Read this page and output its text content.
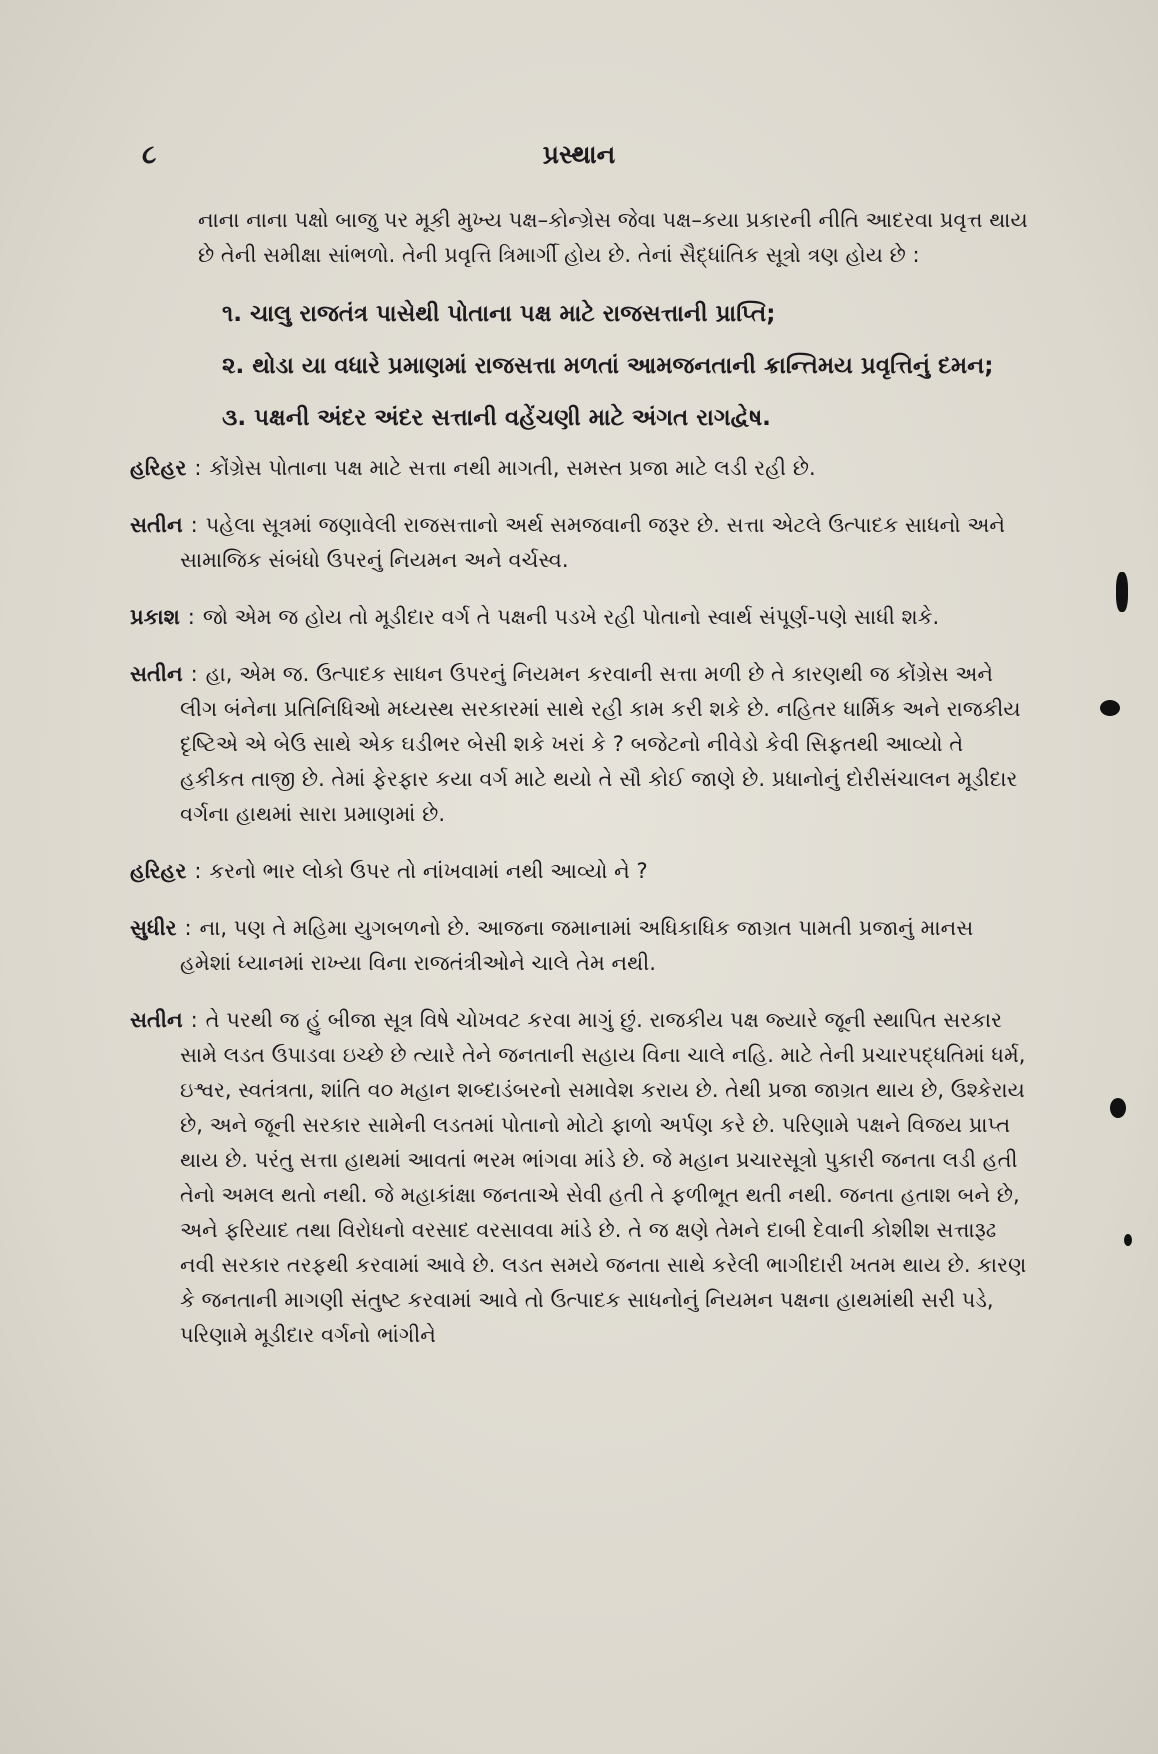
૮	પ્રસ્થાન

નાના નાના પક્ષો બાજુ પર મૂકી મુખ્ય પક્ષ–કોન્ગ્રેસ જેવા પક્ષ–કયા પ્રકારની નીતિ આદરવા પ્રવૃત્ત થાય છે તેની સમીક્ષા સાંભળો. તેની પ્રવૃત્તિ ત્રિમાર્ગી હોય છે. તેનાં સૈદ્ધાંતિક સૂત્રો ત્રણ હોય છે :

૧. ચાલુ રાજતંત્ર પાસેથી પોતાના પક્ષ માટે રાજસત્તાની પ્રાપ્તિ;

૨. થોડા યા વધારે પ્રમાણમાં રાજસત્તા મળતાં આમજનતાની ક્રાન્તિમય પ્રવૃત્તિનું દમન;

૩. પક્ષની અંદર અંદર સત્તાની વહેંચણી માટે અંગત રાગદ્વેષ.

હરિહર : કોંગ્રેસ પોતાના પક્ષ માટે સત્તા નથી માગતી, સમસ્ત પ્રજા માટે લડી રહી છે.

સતીન : પહેલા સૂત્રમાં જણાવેલી રાજસત્તાનો અર્થ સમજવાની જરૂર છે. સત્તા એટલે ઉત્પાદક સાધનો અને સામાજિક સંબંધો ઉપરનું નિયમન અને વર્ચસ્વ.

પ્રકાશ : જો એમ જ હોય તો મૂડીદાર વર્ગ તે પક્ષની પડખે રહી પોતાનો સ્વાર્થ સંપૂર્ણ-પણે સાધી શકે.

સતીન : હા, એમ જ. ઉત્પાદક સાધન ઉપરનું નિયમન કરવાની સત્તા મળી છે તે કારણથી જ કોંગ્રેસ અને લીગ બંનેના પ્રતિનિધિઓ મધ્યસ્થ સરકારમાં સાથે રહી કામ કરી શકે છે. નહિતર ધાર્મિક અને રાજકીય દૃષ્ટિએ એ બેઉ સાથે એક ઘડીભર બેસી શકે ખરાં કે ? બજેટનો નીવેડો કેવી સિફતથી આવ્યો તે હકીકત તાજી છે. તેમાં ફેરફાર કયા વર્ગ માટે થયો તે સૌ કોઈ જાણે છે. પ્રધાનોનું દોરીસંચાલન મૂડીદાર વર્ગના હાથમાં સારા પ્રમાણમાં છે.

હરિહર : કરનો ભાર લોકો ઉપર તો નાંખવામાં નથી આવ્યો ને ?

સુધીર : ના, પણ તે મહિમા યુગબળનો છે. આજના જમાનામાં અધિકાધિક જાગ્રત પામતી પ્રજાનું માનસ હમેશાં ધ્યાનમાં રાખ્યા વિના રાજતંત્રીઓને ચાલે તેમ નથી.

સતીન : તે પરથી જ હું બીજા સૂત્ર વિષે ચોખવટ કરવા માગું છું. રાજકીય પક્ષ જ્યારે જૂની સ્થાપિત સરકાર સામે લડત ઉપાડવા ઇચ્છે છે ત્યારે તેને જનતાની સહાય વિના ચાલે નહિ. માટે તેની પ્રચારપદ્ધતિમાં ધર્મ, ઇશ્વર, સ્વતંત્રતા, શાંતિ વ૦ મહાન શબ્દાડંબરનો સમાવેશ કરાય છે. તેથી પ્રજા જાગ્રત થાય છે, ઉશ્કેરાય છે, અને જૂની સરકાર સામેની લડતમાં પોતાનો મોટો ફાળો અર્પણ કરે છે. પરિણામે પક્ષને વિજય પ્રાપ્ત થાય છે. પરંતુ સત્તા હાથમાં આવતાં ભરમ ભાંગવા માંડે છે. જે મહાન પ્રચારસૂત્રો પુકારી જનતા લડી હતી તેનો અમલ થતો નથી. જે મહાકાંક્ષા જનતાએ સેવી હતી તે ફળીભૂત થતી નથી. જનતા હતાશ બને છે, અને ફરિયાદ તથા વિરોધનો વરસાદ વરસાવવા માંડે છે. તે જ ક્ષણે તેમને દાબી દેવાની કોશીશ સત્તારૂઢ નવી સરકાર તરફથી કરવામાં આવે છે. લડત સમયે જનતા સાથે કરેલી ભાગીદારી ખતમ થાય છે. કારણ કે જનતાની માગણી સંતુષ્ટ કરવામાં આવે તો ઉત્પાદક સાધનોનું નિયમન પક્ષના હાથમાંથી સરી પડે, પરિણામે મૂડીદાર વર્ગનો ભાંગીને
